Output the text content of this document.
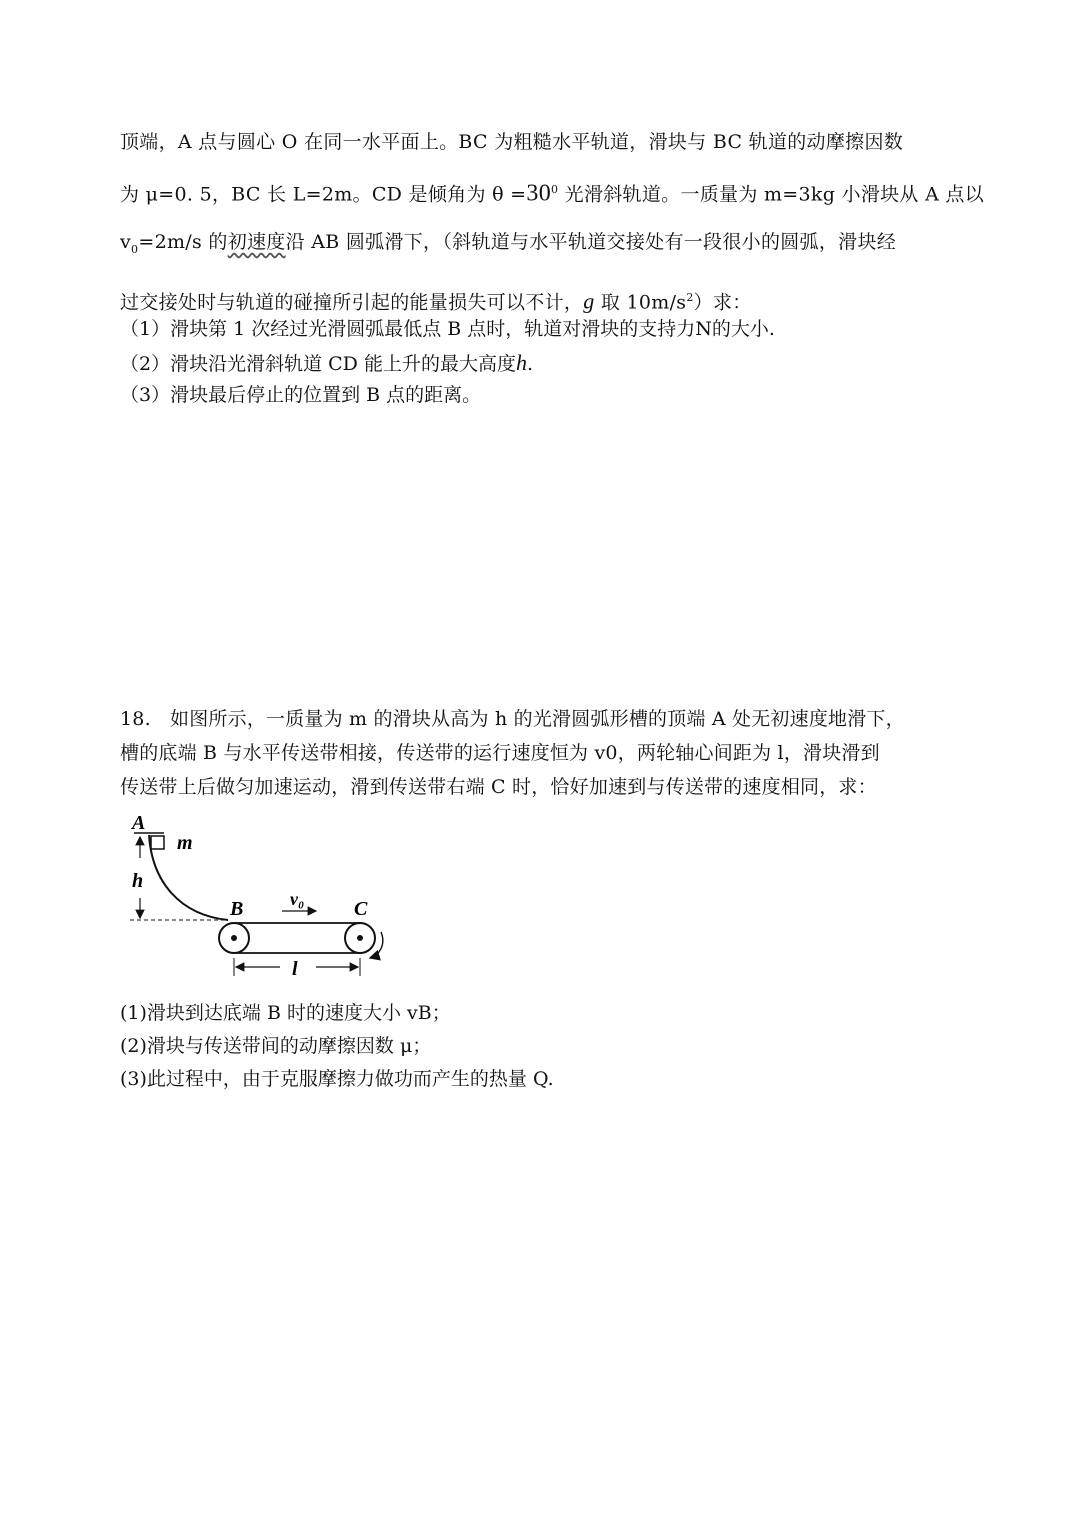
顶端，A 点与圆心 O 在同一水平面上。BC 为粗糙水平轨道，滑块与 BC 轨道的动摩擦因数
为 μ=0. 5，BC 长 L=2m。CD 是倾角为 $\theta =30^0$ 光滑斜轨道。一质量为 m=3kg 小滑块从 A 点以
$v_0=2m/s$ 的初速度沿 AB 圆弧滑下，（斜轨道与水平轨道交接处有一段很小的圆弧，滑块经
过交接处时与轨道的碰撞所引起的能量损失可以不计，g 取 $10m/s^2$）求：
（1）滑块第 1 次经过光滑圆弧最低点 B 点时，轨道对滑块的支持力N的大小.
（2）滑块沿光滑斜轨道 CD 能上升的最大高度h.
（3）滑块最后停止的位置到 B 点的距离。
18.　如图所示，一质量为 m 的滑块从高为 h 的光滑圆弧形槽的顶端 A 处无初速度地滑下，
槽的底端 B 与水平传送带相接，传送带的运行速度恒为 v0，两轮轴心间距为 l，滑块滑到
传送带上后做匀加速运动，滑到传送带右端 C 时，恰好加速到与传送带的速度相同，求：
A
m
h
B	v₀ C
l
(1)滑块到达底端 B 时的速度大小 vB；
(2)滑块与传送带间的动摩擦因数 μ；
(3)此过程中，由于克服摩擦力做功而产生的热量 Q.
